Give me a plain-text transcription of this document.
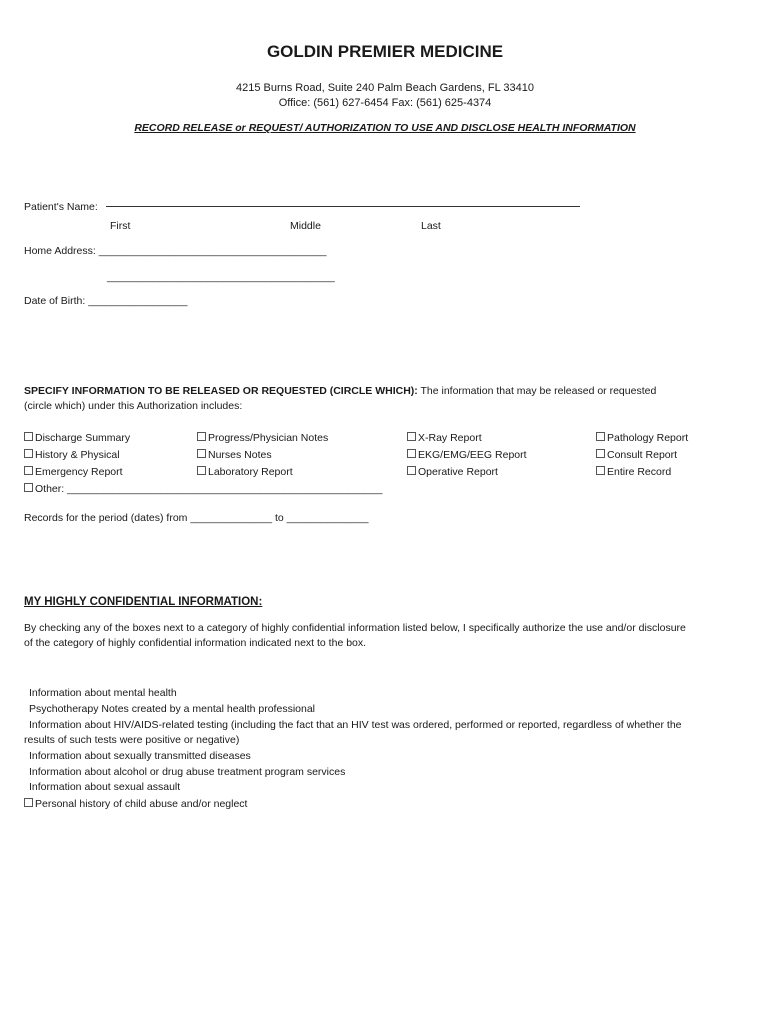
GOLDIN PREMIER MEDICINE
4215 Burns Road, Suite 240 Palm Beach Gardens, FL 33410
Office: (561) 627-6454 Fax: (561) 625-4374
RECORD RELEASE or REQUEST/ AUTHORIZATION TO USE AND DISCLOSE HEALTH INFORMATION
Patient's Name:
First	Middle	Last
Home Address: _______________________________________
_______________________________________
Date of Birth: _________________
SPECIFY INFORMATION TO BE RELEASED OR REQUESTED (CIRCLE WHICH): The information that may be released or requested
(circle which) under this Authorization includes:
Discharge Summary
History & Physical
Emergency Report
Progress/Physician Notes
Nurses Notes
Laboratory Report
X-Ray Report
EKG/EMG/EEG Report
Operative Report
Pathology Report
Consult Report
Entire Record
Other: ______________________________________________________
Records for the period (dates) from ______________ to ______________
MY HIGHLY CONFIDENTIAL INFORMATION:
By checking any of the boxes next to a category of highly confidential information listed below, I specifically authorize the use and/or disclosure
of the category of highly confidential information indicated next to the box.
Information about mental health
Psychotherapy Notes created by a mental health professional
Information about HIV/AIDS-related testing (including the fact that an HIV test was ordered, performed or reported, regardless of whether the
results of such tests were positive or negative)
Information about sexually transmitted diseases
Information about alcohol or drug abuse treatment program services
Information about sexual assault
Personal history of child abuse and/or neglect
